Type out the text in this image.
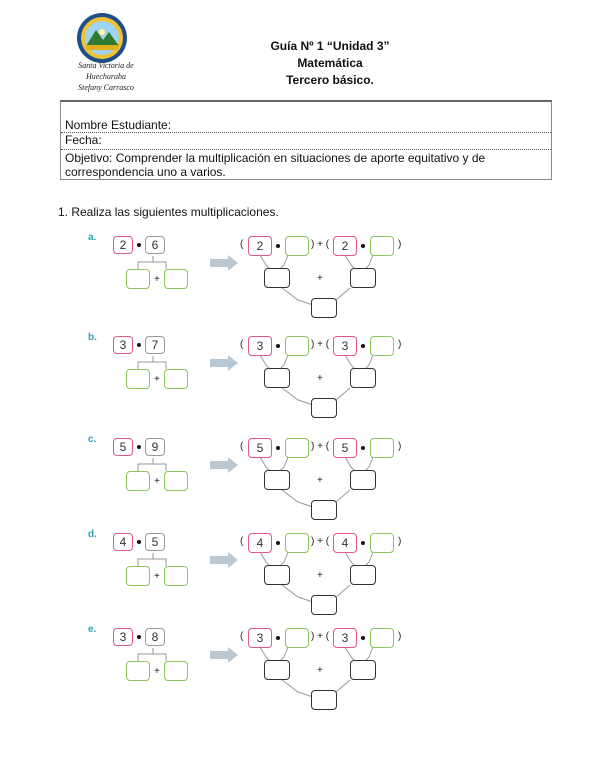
Santa Victoria de
Huechuraba
Stefany Carrasco
Guía Nº 1 “Unidad 3”
Matemática
Tercero básico.
Nombre Estudiante:
Fecha:
Objetivo: Comprender la multiplicación en situaciones de aporte equitativo y de correspondencia uno a varios.
1. Realiza las siguientes multiplicaciones.
a.
2	6
+
(	2	) + (	2	)
+
b.
3	7
+
(	3	) + (	3	)
+
c.
5	9
+
(	5	) + (	5	)
+
d.
4	5
+
(	4	) + (	4	)
+
e.
3	8
+
(	3	) + (	3	)
+
